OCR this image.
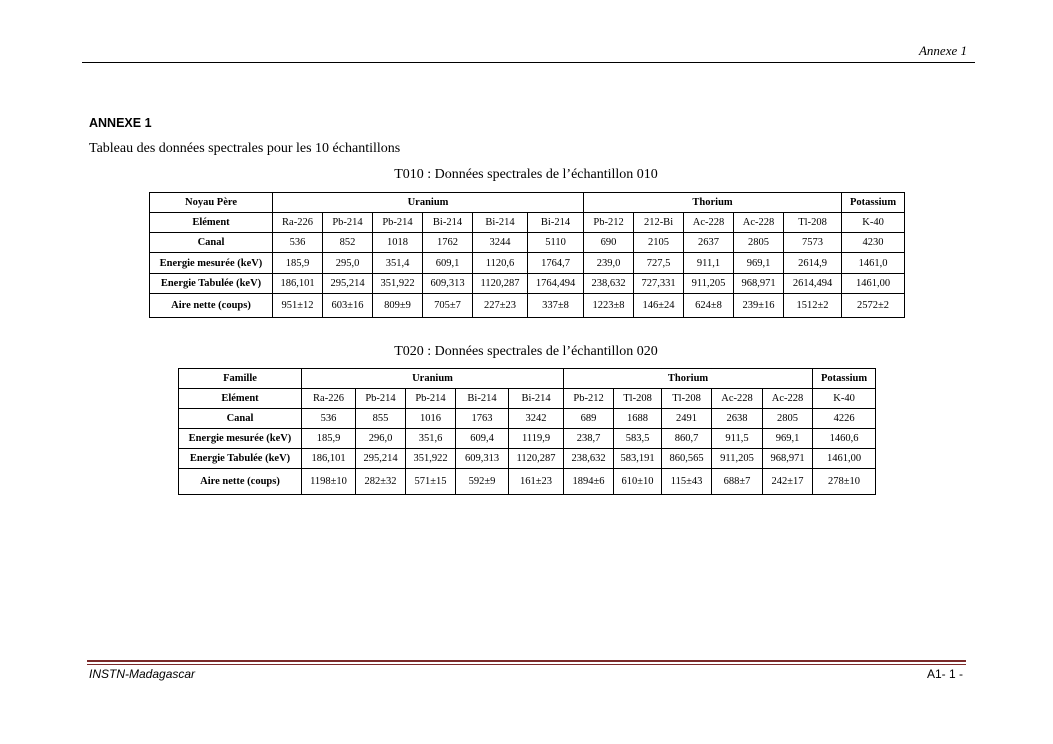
Annexe 1
ANNEXE 1
Tableau des données spectrales pour les 10 échantillons
T010 : Données spectrales de l’échantillon 010
Noyau Père	Uranium						Thorium					Potassium
Elément	Ra-226	Pb-214	Pb-214	Bi-214	Bi-214	Bi-214	Pb-212	212-Bi	Ac-228	Ac-228	Tl-208	K-40
Canal	536	852	1018	1762	3244	5110	690	2105	2637	2805	7573	4230
Energie mesurée (keV)	185,9	295,0	351,4	609,1	1120,6	1764,7	239,0	727,5	911,1	969,1	2614,9	1461,0
Energie Tabulée (keV)	186,101	295,214	351,922	609,313	1120,287	1764,494	238,632	727,331	911,205	968,971	2614,494	1461,00
Aire nette (coups)	951±12	603±16	809±9	705±7	227±23	337±8	1223±8	146±24	624±8	239±16	1512±2	2572±2
T020 : Données spectrales de l’échantillon 020
Famille	Uranium					Thorium					Potassium
Elément	Ra-226	Pb-214	Pb-214	Bi-214	Bi-214	Pb-212	Tl-208	Tl-208	Ac-228	Ac-228	K-40
Canal	536	855	1016	1763	3242	689	1688	2491	2638	2805	4226
Energie mesurée (keV)	185,9	296,0	351,6	609,4	1119,9	238,7	583,5	860,7	911,5	969,1	1460,6
Energie Tabulée (keV)	186,101	295,214	351,922	609,313	1120,287	238,632	583,191	860,565	911,205	968,971	1461,00
Aire nette (coups)	1198±10	282±32	571±15	592±9	161±23	1894±6	610±10	115±43	688±7	242±17	278±10
INSTN-Madagascar	A1- 1 -
